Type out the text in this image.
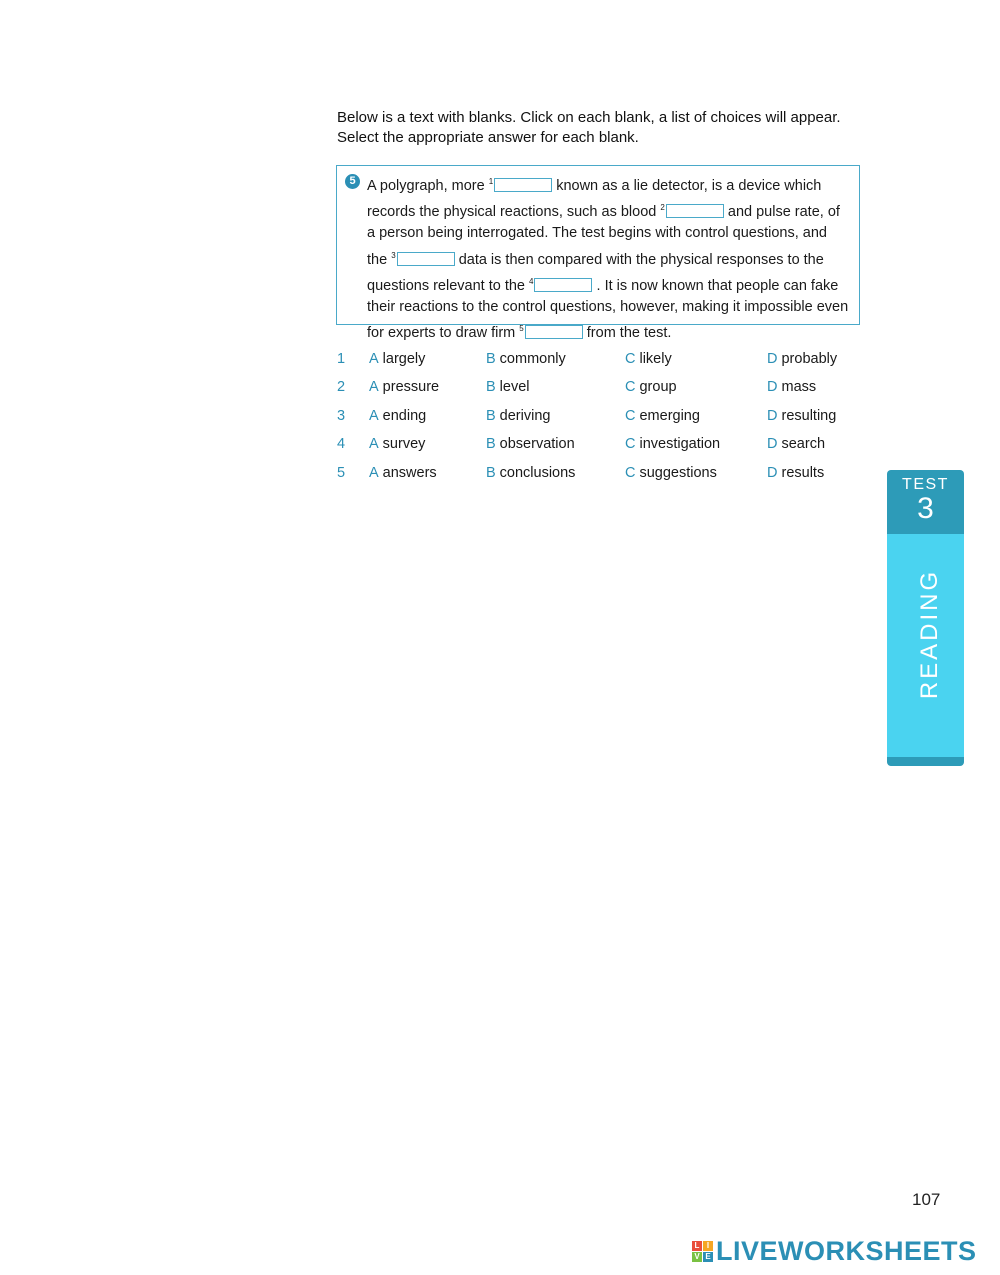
Below is a text with blanks. Click on each blank, a list of choices will appear.
Select the appropriate answer for each blank.
5 A polygraph, more $^1$	known as a lie detector, is a device which
records the physical reactions, such as blood $^2$	and pulse rate, of
a person being interrogated. The test begins with control questions, and
the $^3$	data is then compared with the physical responses to the
questions relevant to the $^4$	. It is now known that people can fake
their reactions to the control questions, however, making it impossible even
for experts to draw firm $^5$	from the test.
1 A largely	B commonly	C likely	D probably
2 A pressure	B level	C group	D mass
3 A ending	B deriving	C emerging	D resulting
4 A survey	B observation	C investigation	D search
5 A answers	B conclusions	C suggestions	D results
TEST
3
READING
107
L I
V E LIVEWORKSHEETS
